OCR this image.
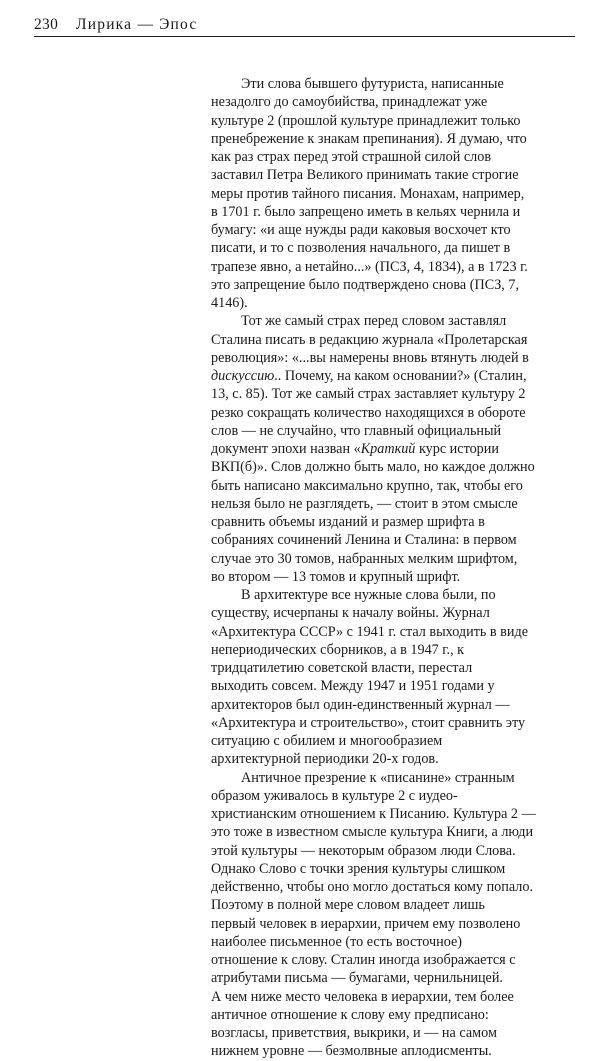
230 Лирика — Эпос

Эти слова бывшего футуриста, написанные
незадолго до самоубийства, принадлежат уже
культуре 2 (прошлой культуре принадлежит только
пренебрежение к знакам препинания). Я думаю, что
как раз страх перед этой страшной силой слов
заставил Петра Великого принимать такие строгие
меры против тайного писания. Монахам, например,
в 1701 г. было запрещено иметь в кельях чернила и
бумагу: «и аще нужды ради каковыя восхочет кто
писати, и то с позволения начального, да пишет в
трапезе явно, а нетайно...» (ПСЗ, 4, 1834), а в 1723 г.
это запрещение было подтверждено снова (ПСЗ, 7,
4146).

Тот же самый страх перед словом заставлял
Сталина писать в редакцию журнала «Пролетарская
революция»: «...вы намерены вновь втянуть людей в
дискуссию.. Почему, на каком основании?» (Сталин,
13, с. 85). Тот же самый страх заставляет культуру 2
резко сокращать количество находящихся в обороте
слов — не случайно, что главный официальный
документ эпохи назван «Краткий курс истории
ВКП(б)». Слов должно быть мало, но каждое должно
быть написано максимально крупно, так, чтобы его
нельзя было не разглядеть, — стоит в этом смысле
сравнить объемы изданий и размер шрифта в
собраниях сочинений Ленина и Сталина: в первом
случае это 30 томов, набранных мелким шрифтом,
во втором — 13 томов и крупный шрифт.

В архитектуре все нужные слова были, по
существу, исчерпаны к началу войны. Журнал
«Архитектура СССР» с 1941 г. стал выходить в виде
непериодических сборников, а в 1947 г., к
тридцатилетию советской власти, перестал
выходить совсем. Между 1947 и 1951 годами у
архитекторов был один-единственный журнал —
«Архитектура и строительство», стоит сравнить эту
ситуацию с обилием и многообразием
архитектурной периодики 20-х годов.

Античное презрение к «писанине» странным
образом уживалось в культуре 2 с иудео-
христианским отношением к Писанию. Культура 2 —
это тоже в известном смысле культура Книги, а люди
этой культуры — некоторым образом люди Слова.
Однако Слово с точки зрения культуры слишком
действенно, чтобы оно могло достаться кому попало.
Поэтому в полной мере словом владеет лишь
первый человек в иерархии, причем ему позволено
наиболее письменное (то есть восточное)
отношение к слову. Сталин иногда изображается с
атрибутами письма — бумагами, чернильницей.
А чем ниже место человека в иерархии, тем более
античное отношение к слову ему предписано:
возгласы, приветствия, выкрики, и — на самом
нижнем уровне — безмолвные аплодисменты.
